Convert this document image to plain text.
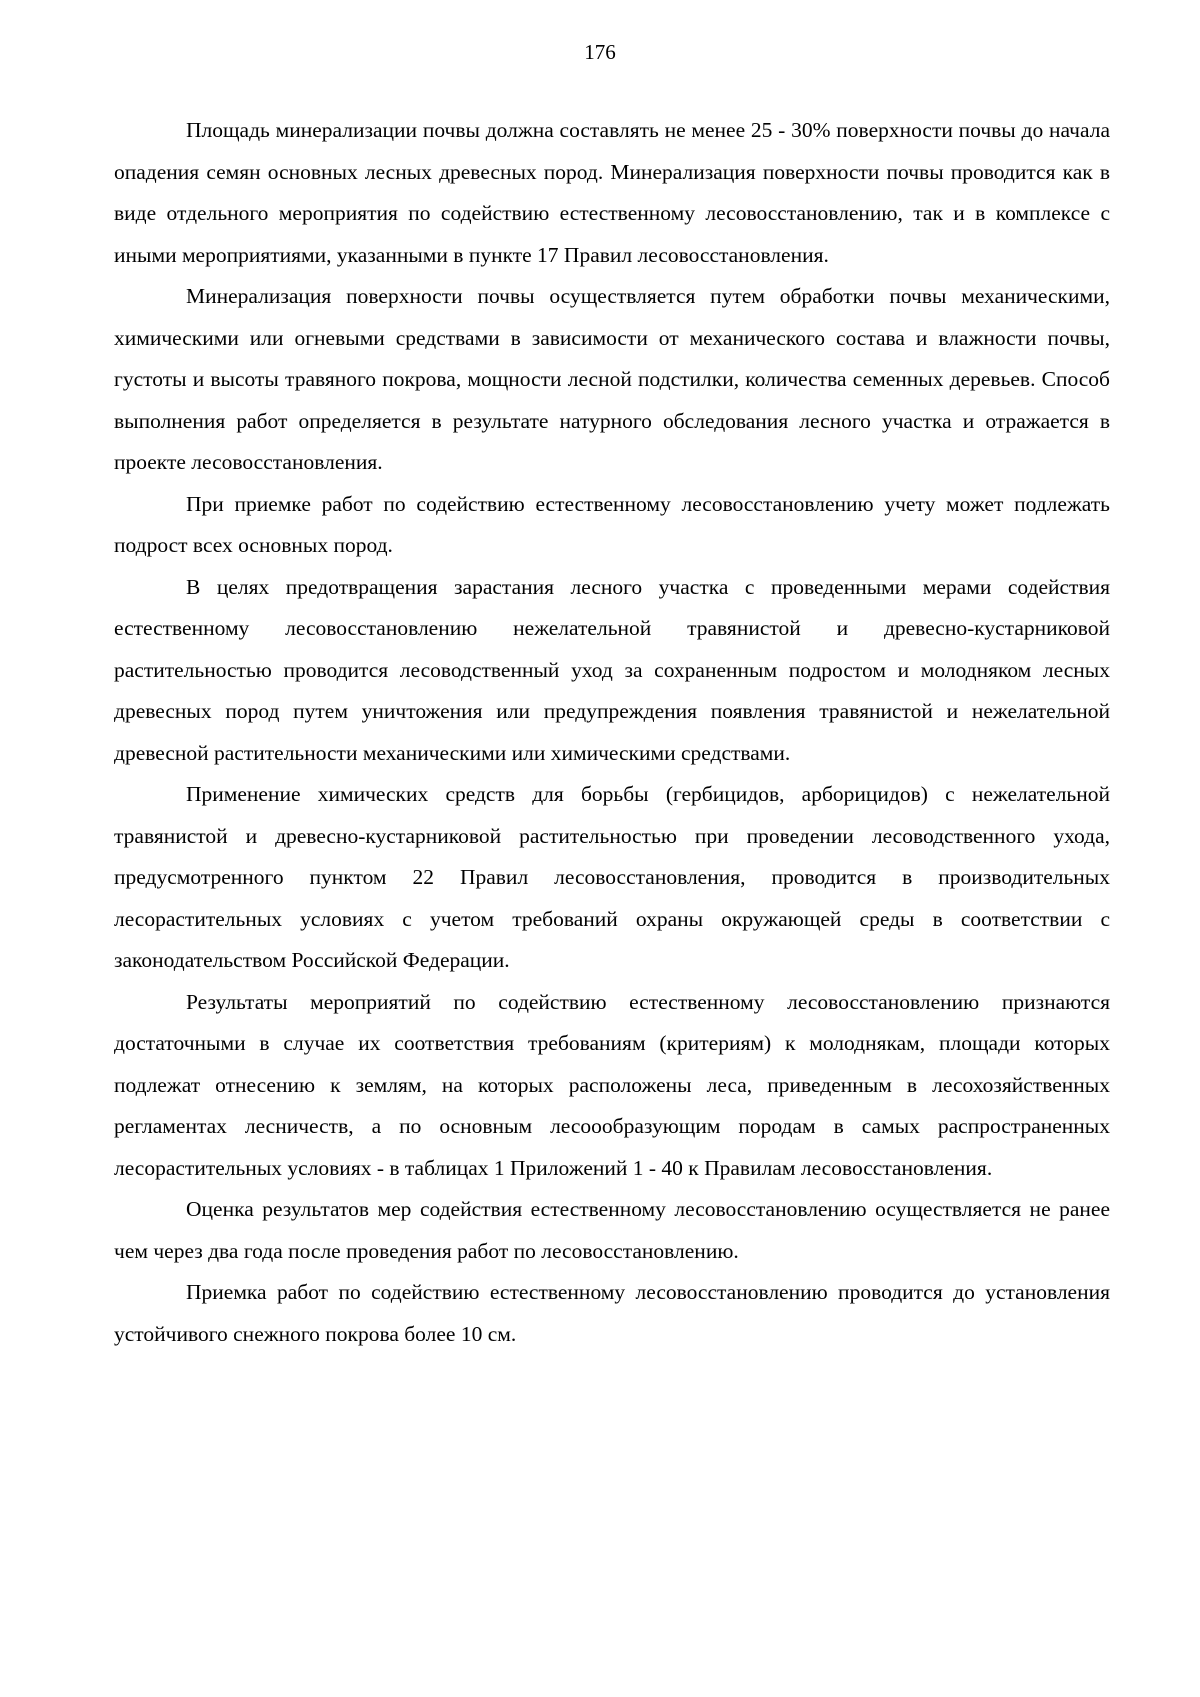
176

Площадь минерализации почвы должна составлять не менее 25 - 30% поверхности почвы до начала опадения семян основных лесных древесных пород. Минерализация поверхности почвы проводится как в виде отдельного мероприятия по содействию естественному лесовосстановлению, так и в комплексе с иными мероприятиями, указанными в пункте 17 Правил лесовосстановления.

Минерализация поверхности почвы осуществляется путем обработки почвы механическими, химическими или огневыми средствами в зависимости от механического состава и влажности почвы, густоты и высоты травяного покрова, мощности лесной подстилки, количества семенных деревьев. Способ выполнения работ определяется в результате натурного обследования лесного участка и отражается в проекте лесовосстановления.

При приемке работ по содействию естественному лесовосстановлению учету может подлежать подрост всех основных пород.

В целях предотвращения зарастания лесного участка с проведенными мерами содействия естественному лесовосстановлению нежелательной травянистой и древесно-кустарниковой растительностью проводится лесоводственный уход за сохраненным подростом и молодняком лесных древесных пород путем уничтожения или предупреждения появления травянистой и нежелательной древесной растительности механическими или химическими средствами.

Применение химических средств для борьбы (гербицидов, арборицидов) с нежелательной травянистой и древесно-кустарниковой растительностью при проведении лесоводственного ухода, предусмотренного пунктом 22 Правил лесовосстановления, проводится в производительных лесорастительных условиях с учетом требований охраны окружающей среды в соответствии с законодательством Российской Федерации.

Результаты мероприятий по содействию естественному лесовосстановлению признаются достаточными в случае их соответствия требованиям (критериям) к молоднякам, площади которых подлежат отнесению к землям, на которых расположены леса, приведенным в лесохозяйственных регламентах лесничеств, а по основным лесоообразующим породам в самых распространенных лесорастительных условиях - в таблицах 1 Приложений 1 - 40 к Правилам лесовосстановления.

Оценка результатов мер содействия естественному лесовосстановлению осуществляется не ранее чем через два года после проведения работ по лесовосстановлению.

Приемка работ по содействию естественному лесовосстановлению проводится до установления устойчивого снежного покрова более 10 см.
